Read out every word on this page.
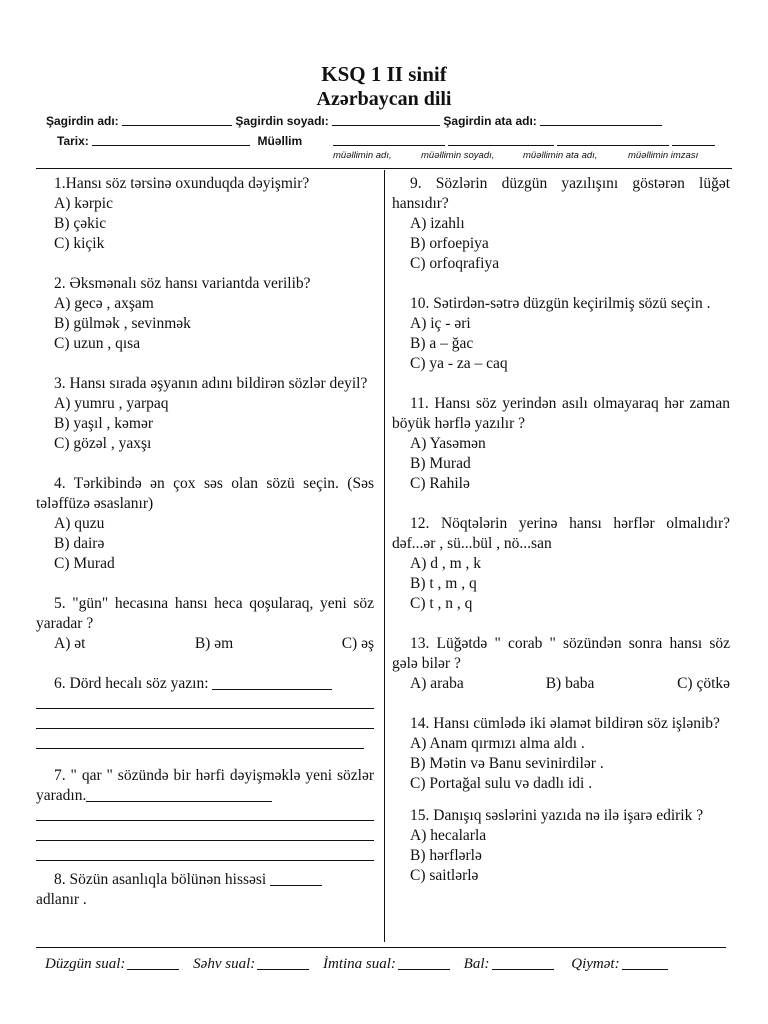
KSQ 1 II sinif
Azərbaycan dili
Şagirdin adı:	Şagirdin soyadı:	Şagirdin ata adı:
Tarix:	Müəllim
müəllimin adı,	müəllimin soyadı,	müəllimin ata adı,	müəllimin imzası

1.Hansı söz tərsinə oxunduqda dəyişmir?

A) kərpic

B) çəkic

C) kiçik

2. Əksmənalı söz hansı variantda verilib?

A) gecə , axşam

B) gülmək , sevinmək

C) uzun , qısa

3. Hansı sırada əşyanın adını bildirən sözlər deyil?

A) yumru , yarpaq

B) yaşıl , kəmər

C) gözəl , yaxşı

4. Tərkibində ən çox səs olan sözü seçin. (Səs tələffüzə əsaslanır)

A) quzu

B) dairə

C) Murad

5. "gün" hecasına hansı heca qoşularaq, yeni söz yaradar ?

A) ət	B) əm	C) əş

6. Dörd hecalı söz yazın:

7. " qar " sözündə bir hərfi dəyişməklə yeni sözlər yaradın.

8. Sözün asanlıqla bölünən hissəsi

adlanır .

9. Sözlərin düzgün yazılışını göstərən lüğət hansıdır?

A) izahlı

B) orfoepiya

C) orfoqrafiya

10. Sətirdən-sətrə düzgün keçirilmiş sözü seçin .

A) iç - əri

B) a – ğac

C) ya - za – caq

11. Hansı söz yerindən asılı olmayaraq hər zaman böyük hərflə yazılır ?

A) Yasəmən

B) Murad

C) Rahilə

12. Nöqtələrin yerinə hansı hərflər olmalıdır? dəf...ər , sü...bül , nö...san

A) d , m , k

B) t , m , q

C) t , n , q

13. Lüğətdə " corab " sözündən sonra hansı söz gələ bilər ?

A) araba	B) baba	C) çötkə

14. Hansı cümlədə iki əlamət bildirən söz işlənib?

A) Anam qırmızı alma aldı .

B) Mətin və Banu sevinirdilər .

C) Portağal sulu və dadlı idi .

15. Danışıq səslərini yazıda nə ilə işarə edirik ?

A) hecalarla

B) hərflərlə

C) saitlərlə

Düzgün sual:	Səhv sual:	İmtina sual:	Bal:	Qiymət:
